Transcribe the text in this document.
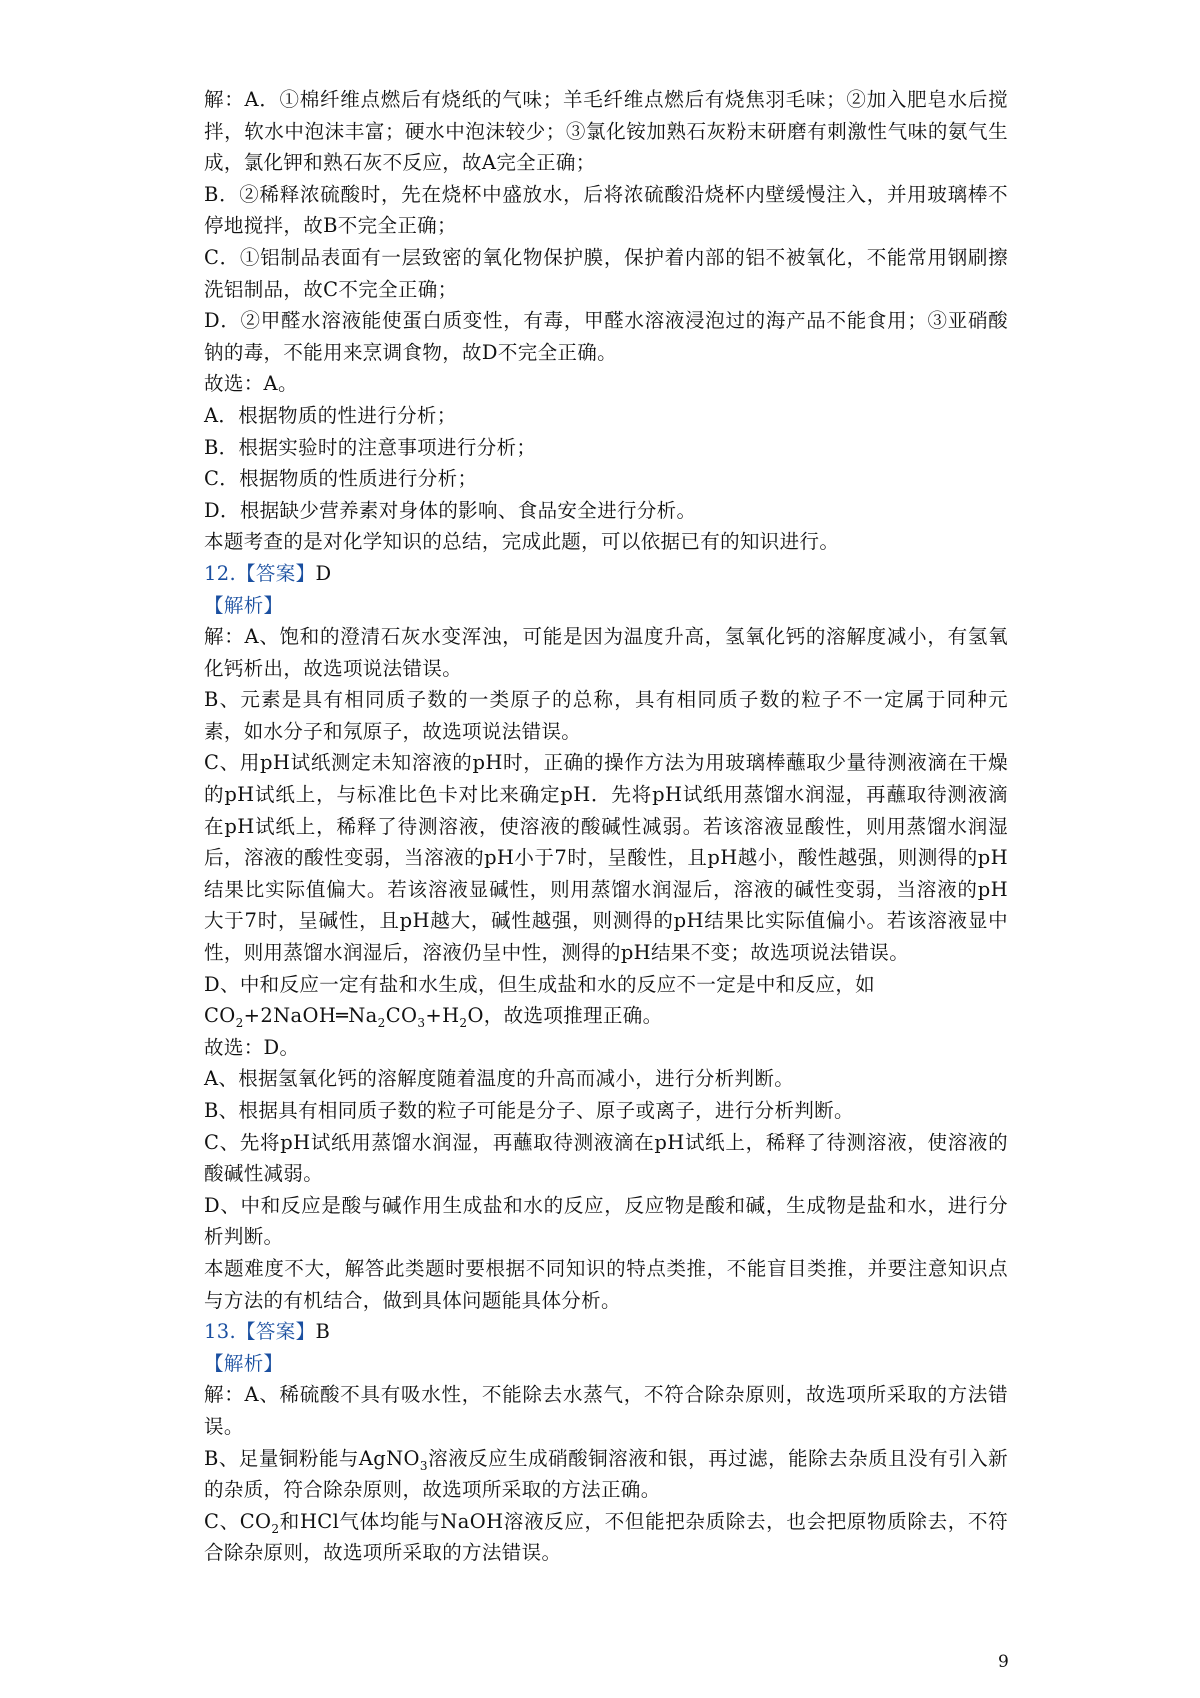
解：A．①棉纤维点燃后有烧纸的气味；羊毛纤维点燃后有烧焦羽毛味；②加入肥皂水后搅拌，软水中泡沫丰富；硬水中泡沫较少；③氯化铵加熟石灰粉末研磨有刺激性气味的氨气生成，氯化钾和熟石灰不反应，故A完全正确；

B．②稀释浓硫酸时，先在烧杯中盛放水，后将浓硫酸沿烧杯内壁缓慢注入，并用玻璃棒不停地搅拌，故B不完全正确；

C．①铝制品表面有一层致密的氧化物保护膜，保护着内部的铝不被氧化，不能常用钢刷擦洗铝制品，故C不完全正确；

D．②甲醛水溶液能使蛋白质变性，有毒，甲醛水溶液浸泡过的海产品不能食用；③亚硝酸钠的毒，不能用来烹调食物，故D不完全正确。

故选：A。

A．根据物质的性进行分析；

B．根据实验时的注意事项进行分析；

C．根据物质的性质进行分析；

D．根据缺少营养素对身体的影响、食品安全进行分析。

本题考查的是对化学知识的总结，完成此题，可以依据已有的知识进行。

12.【答案】D

【解析】

解：A、饱和的澄清石灰水变浑浊，可能是因为温度升高，氢氧化钙的溶解度减小，有氢氧化钙析出，故选项说法错误。

B、元素是具有相同质子数的一类原子的总称，具有相同质子数的粒子不一定属于同种元素，如水分子和氖原子，故选项说法错误。

C、用pH试纸测定未知溶液的pH时，正确的操作方法为用玻璃棒蘸取少量待测液滴在干燥的pH试纸上，与标准比色卡对比来确定pH．先将pH试纸用蒸馏水润湿，再蘸取待测液滴在pH试纸上，稀释了待测溶液，使溶液的酸碱性减弱。若该溶液显酸性，则用蒸馏水润湿后，溶液的酸性变弱，当溶液的pH小于7时，呈酸性，且pH越小，酸性越强，则测得的pH结果比实际值偏大。若该溶液显碱性，则用蒸馏水润湿后，溶液的碱性变弱，当溶液的pH大于7时，呈碱性，且pH越大，碱性越强，则测得的pH结果比实际值偏小。若该溶液显中性，则用蒸馏水润湿后，溶液仍呈中性，测得的pH结果不变；故选项说法错误。

D、中和反应一定有盐和水生成，但生成盐和水的反应不一定是中和反应，如

$CO_2+2NaOH═Na_2CO_3+H_2O$，故选项推理正确。

故选：D。

A、根据氢氧化钙的溶解度随着温度的升高而减小，进行分析判断。

B、根据具有相同质子数的粒子可能是分子、原子或离子，进行分析判断。

C、先将pH试纸用蒸馏水润湿，再蘸取待测液滴在pH试纸上，稀释了待测溶液，使溶液的酸碱性减弱。

D、中和反应是酸与碱作用生成盐和水的反应，反应物是酸和碱，生成物是盐和水，进行分析判断。

本题难度不大，解答此类题时要根据不同知识的特点类推，不能盲目类推，并要注意知识点与方法的有机结合，做到具体问题能具体分析。

13.【答案】B

【解析】

解：A、稀硫酸不具有吸水性，不能除去水蒸气，不符合除杂原则，故选项所采取的方法错误。

B、足量铜粉能与AgNO$_3$溶液反应生成硝酸铜溶液和银，再过滤，能除去杂质且没有引入新的杂质，符合除杂原则，故选项所采取的方法正确。

C、$CO_2$和HCl气体均能与NaOH溶液反应，不但能把杂质除去，也会把原物质除去，不符合除杂原则，故选项所采取的方法错误。

9
